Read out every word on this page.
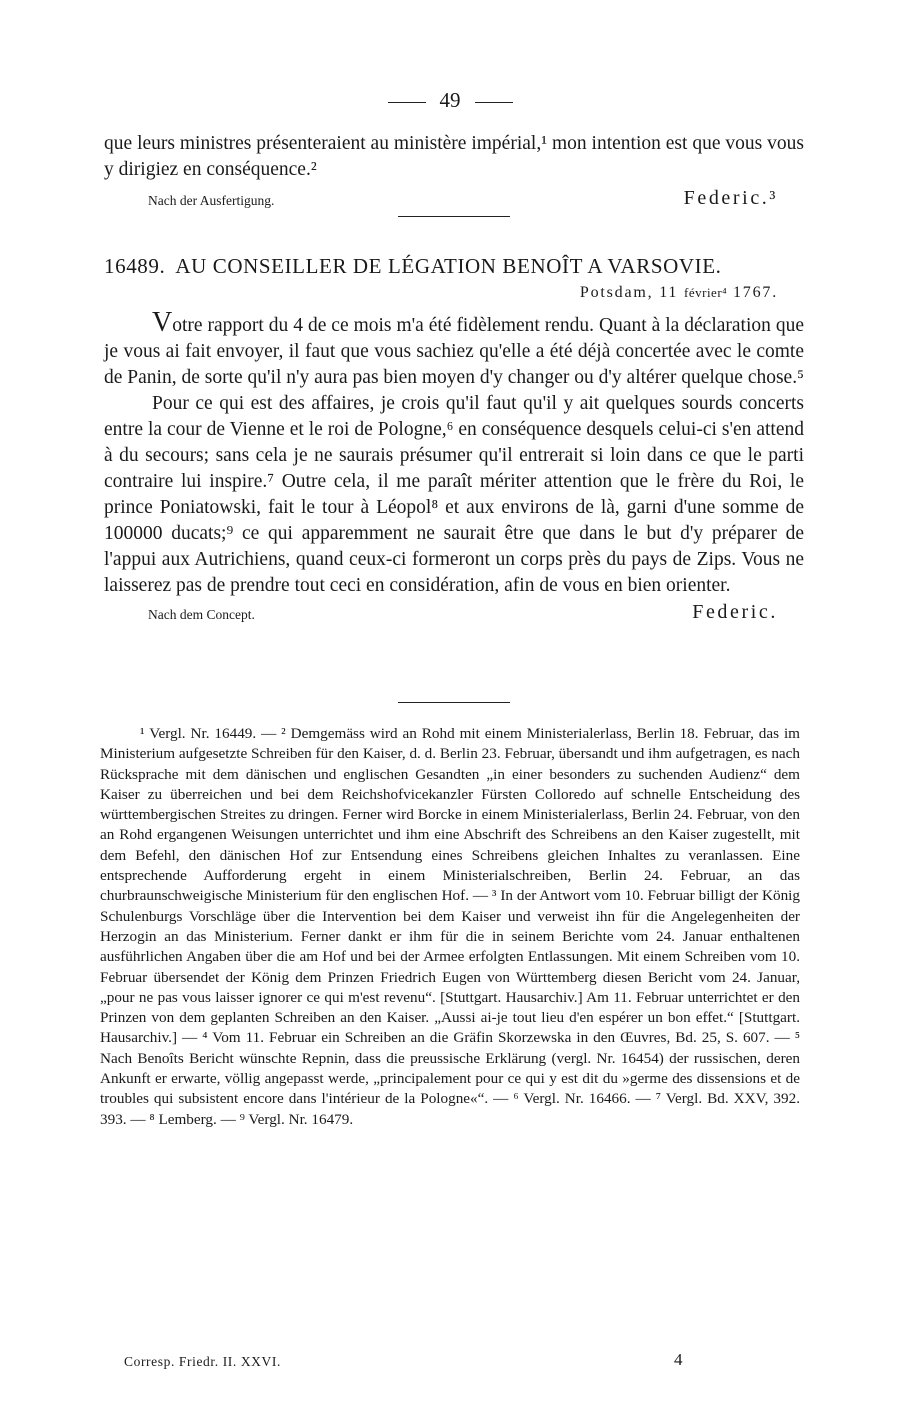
49

que leurs ministres présenteraient au ministère impérial,¹ mon intention est que vous vous y dirigiez en conséquence.²

Nach der Ausfertigung.	Federic.³
16489. AU CONSEILLER DE LÉGATION BENOÎT A VARSOVIE.
Potsdam, 11 février⁴ 1767.

Votre rapport du 4 de ce mois m'a été fidèlement rendu. Quant à la déclaration que je vous ai fait envoyer, il faut que vous sachiez qu'elle a été déjà concertée avec le comte de Panin, de sorte qu'il n'y aura pas bien moyen d'y changer ou d'y altérer quelque chose.⁵

Pour ce qui est des affaires, je crois qu'il faut qu'il y ait quelques sourds concerts entre la cour de Vienne et le roi de Pologne,⁶ en conséquence desquels celui-ci s'en attend à du secours; sans cela je ne saurais présumer qu'il entrerait si loin dans ce que le parti contraire lui inspire.⁷ Outre cela, il me paraît mériter attention que le frère du Roi, le prince Poniatowski, fait le tour à Léopol⁸ et aux environs de là, garni d'une somme de 100000 ducats;⁹ ce qui apparemment ne saurait être que dans le but d'y préparer de l'appui aux Autrichiens, quand ceux-ci formeront un corps près du pays de Zips. Vous ne laisserez pas de prendre tout ceci en considération, afin de vous en bien orienter.

Nach dem Concept.	Federic.

¹ Vergl. Nr. 16449. — ² Demgemäss wird an Rohd mit einem Ministerialerlass, Berlin 18. Februar, das im Ministerium aufgesetzte Schreiben für den Kaiser, d. d. Berlin 23. Februar, übersandt und ihm aufgetragen, es nach Rücksprache mit dem dänischen und englischen Gesandten „in einer besonders zu suchenden Audienz“ dem Kaiser zu überreichen und bei dem Reichshofvicekanzler Fürsten Colloredo auf schnelle Entscheidung des württembergischen Streites zu dringen. Ferner wird Borcke in einem Ministerialerlass, Berlin 24. Februar, von den an Rohd ergangenen Weisungen unterrichtet und ihm eine Abschrift des Schreibens an den Kaiser zugestellt, mit dem Befehl, den dänischen Hof zur Entsendung eines Schreibens gleichen Inhaltes zu veranlassen. Eine entsprechende Aufforderung ergeht in einem Ministerialschreiben, Berlin 24. Februar, an das churbraunschweigische Ministerium für den englischen Hof. — ³ In der Antwort vom 10. Februar billigt der König Schulenburgs Vorschläge über die Intervention bei dem Kaiser und verweist ihn für die Angelegenheiten der Herzogin an das Ministerium. Ferner dankt er ihm für die in seinem Berichte vom 24. Januar enthaltenen ausführlichen Angaben über die am Hof und bei der Armee erfolgten Entlassungen. Mit einem Schreiben vom 10. Februar übersendet der König dem Prinzen Friedrich Eugen von Württemberg diesen Bericht vom 24. Januar, „pour ne pas vous laisser ignorer ce qui m'est revenu“. [Stuttgart. Hausarchiv.] Am 11. Februar unterrichtet er den Prinzen von dem geplanten Schreiben an den Kaiser. „Aussi ai-je tout lieu d'en espérer un bon effet.“ [Stuttgart. Hausarchiv.] — ⁴ Vom 11. Februar ein Schreiben an die Gräfin Skorzewska in den Œuvres, Bd. 25, S. 607. — ⁵ Nach Benoîts Bericht wünschte Repnin, dass die preussische Erklärung (vergl. Nr. 16454) der russischen, deren Ankunft er erwarte, völlig angepasst werde, „principalement pour ce qui y est dit du »germe des dissensions et de troubles qui subsistent encore dans l'intérieur de la Pologne«“. — ⁶ Vergl. Nr. 16466. — ⁷ Vergl. Bd. XXV, 392. 393. — ⁸ Lemberg. — ⁹ Vergl. Nr. 16479.

Corresp. Friedr. II. XXVI.	4
